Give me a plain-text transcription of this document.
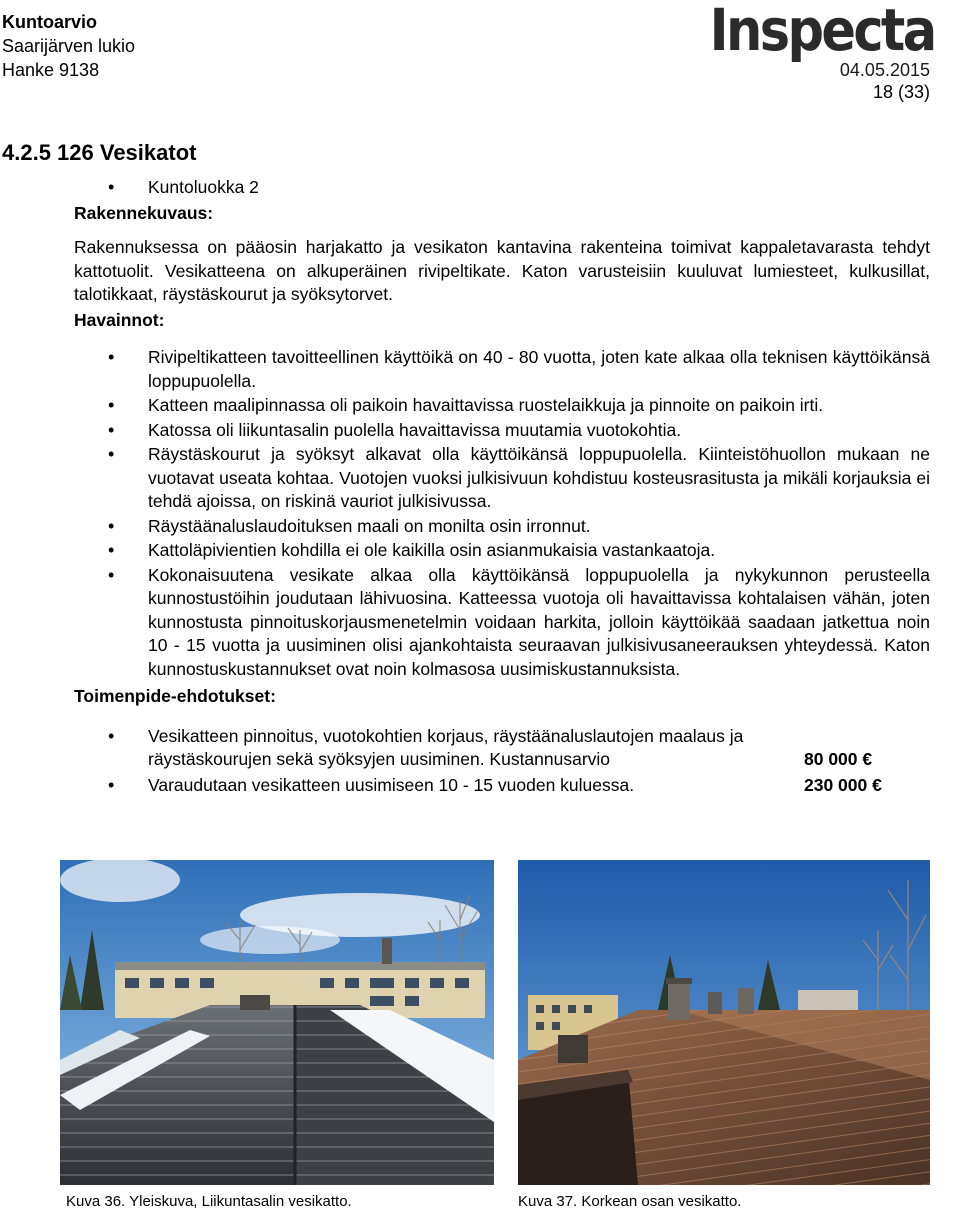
Kuntoarvio
Saarijärven lukio
Hanke 9138
Inspecta
04.05.2015
18 (33)
4.2.5 126 Vesikatot
• Kuntoluokka 2
Rakennekuvaus:
Rakennuksessa on pääosin harjakatto ja vesikaton kantavina rakenteina toimivat kappaletavarasta tehdyt kattotuolit. Vesikatteena on alkuperäinen rivipeltikate. Katon varusteisiin kuuluvat lumiesteet, kulkusillat, talotikkaat, räystäskourut ja syöksytorvet.
Havainnot:
• Rivipeltikatteen tavoitteellinen käyttöikä on 40 - 80 vuotta, joten kate alkaa olla teknisen käyttöikänsä loppupuolella.
• Katteen maalipinnassa oli paikoin havaittavissa ruostelaikkuja ja pinnoite on paikoin irti.
• Katossa oli liikuntasalin puolella havaittavissa muutamia vuotokohtia.
• Räystäskourut ja syöksyt alkavat olla käyttöikänsä loppupuolella. Kiinteistöhuollon mukaan ne vuotavat useata kohtaa. Vuotojen vuoksi julkisivuun kohdistuu kosteusrasitusta ja mikäli korjauksia ei tehdä ajoissa, on riskinä vauriot julkisivussa.
• Räystäänaluslaudoituksen maali on monilta osin irronnut.
• Kattoläpivientien kohdilla ei ole kaikilla osin asianmukaisia vastankaatoja.
• Kokonaisuutena vesikate alkaa olla käyttöikänsä loppupuolella ja nykykunnon perusteella kunnostustöihin joudutaan lähivuosina. Katteessa vuotoja oli havaittavissa kohtalaisen vähän, joten kunnostusta pinnoituskorjausmenetelmin voidaan harkita, jolloin käyttöikää saadaan jatkettua noin 10 - 15 vuotta ja uusiminen olisi ajankohtaista seuraavan julkisivusaneerauksen yhteydessä. Katon kunnostuskustannukset ovat noin kolmasosa uusimiskustannuksista.
Toimenpide-ehdotukset:
• Vesikatteen pinnoitus, vuotokohtien korjaus, räystäänaluslautojen maalaus ja
räystäskourujen sekä syöksyjen uusiminen. Kustannusarvio	80 000 €
• Varaudutaan vesikatteen uusimiseen 10 - 15 vuoden kuluessa.	230 000 €
Kuva 36. Yleiskuva, Liikuntasalin vesikatto.	Kuva 37. Korkean osan vesikatto.
